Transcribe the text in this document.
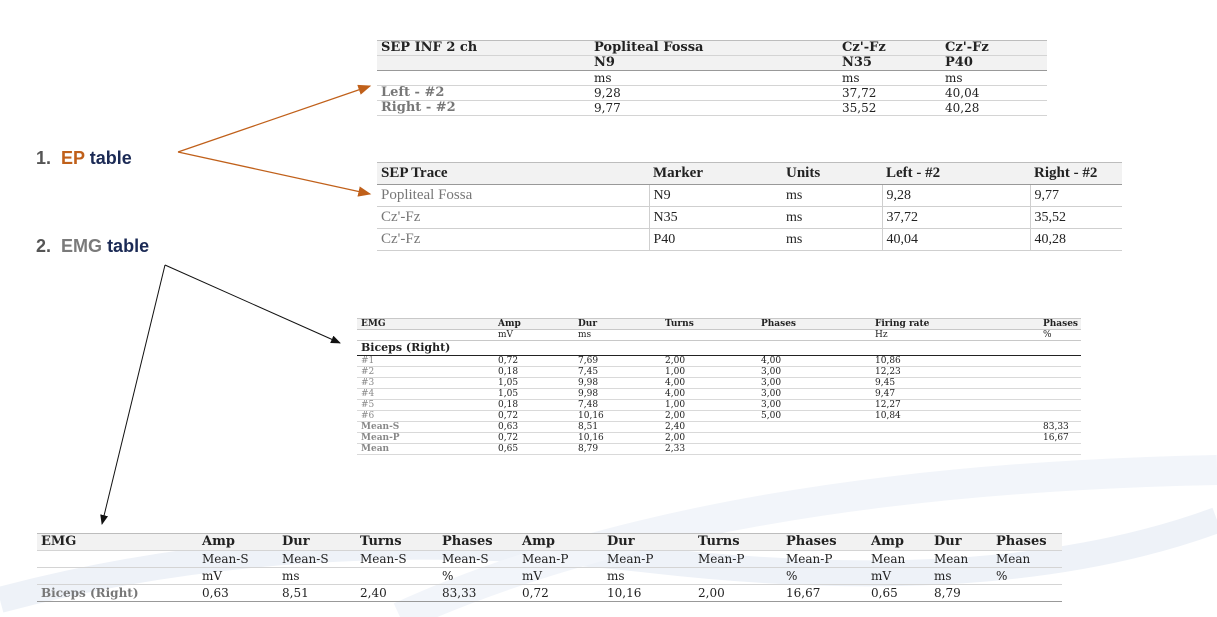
1. EP table
2. EMG table
SEP INF 2 ch	Popliteal Fossa	Cz'-Fz	Cz'-Fz
	N9	N35	P40
	ms	ms	ms
Left - #2	9,28	37,72	40,04
Right - #2	9,77	35,52	40,28
SEP Trace	Marker	Units	Left - #2	Right - #2
Popliteal Fossa	N9	ms	9,28	9,77
Cz'-Fz	N35	ms	37,72	35,52
Cz'-Fz	P40	ms	40,04	40,28
EMG	Amp	Dur	Turns	Phases	Firing rate	Phases
	mV	ms			Hz	%
Biceps (Right)						
#1	0,72	7,69	2,00	4,00	10,86	
#2	0,18	7,45	1,00	3,00	12,23	
#3	1,05	9,98	4,00	3,00	9,45	
#4	1,05	9,98	4,00	3,00	9,47	
#5	0,18	7,48	1,00	3,00	12,27	
#6	0,72	10,16	2,00	5,00	10,84	
Mean-S	0,63	8,51	2,40			83,33
Mean-P	0,72	10,16	2,00			16,67
Mean	0,65	8,79	2,33			
EMG	Amp	Dur	Turns	Phases	Amp	Dur	Turns	Phases	Amp	Dur	Phases
	Mean-S	Mean-S	Mean-S	Mean-S	Mean-P	Mean-P	Mean-P	Mean-P	Mean	Mean	Mean
	mV	ms		%	mV	ms		%	mV	ms	%
Biceps (Right)	0,63	8,51	2,40	83,33	0,72	10,16	2,00	16,67	0,65	8,79	
